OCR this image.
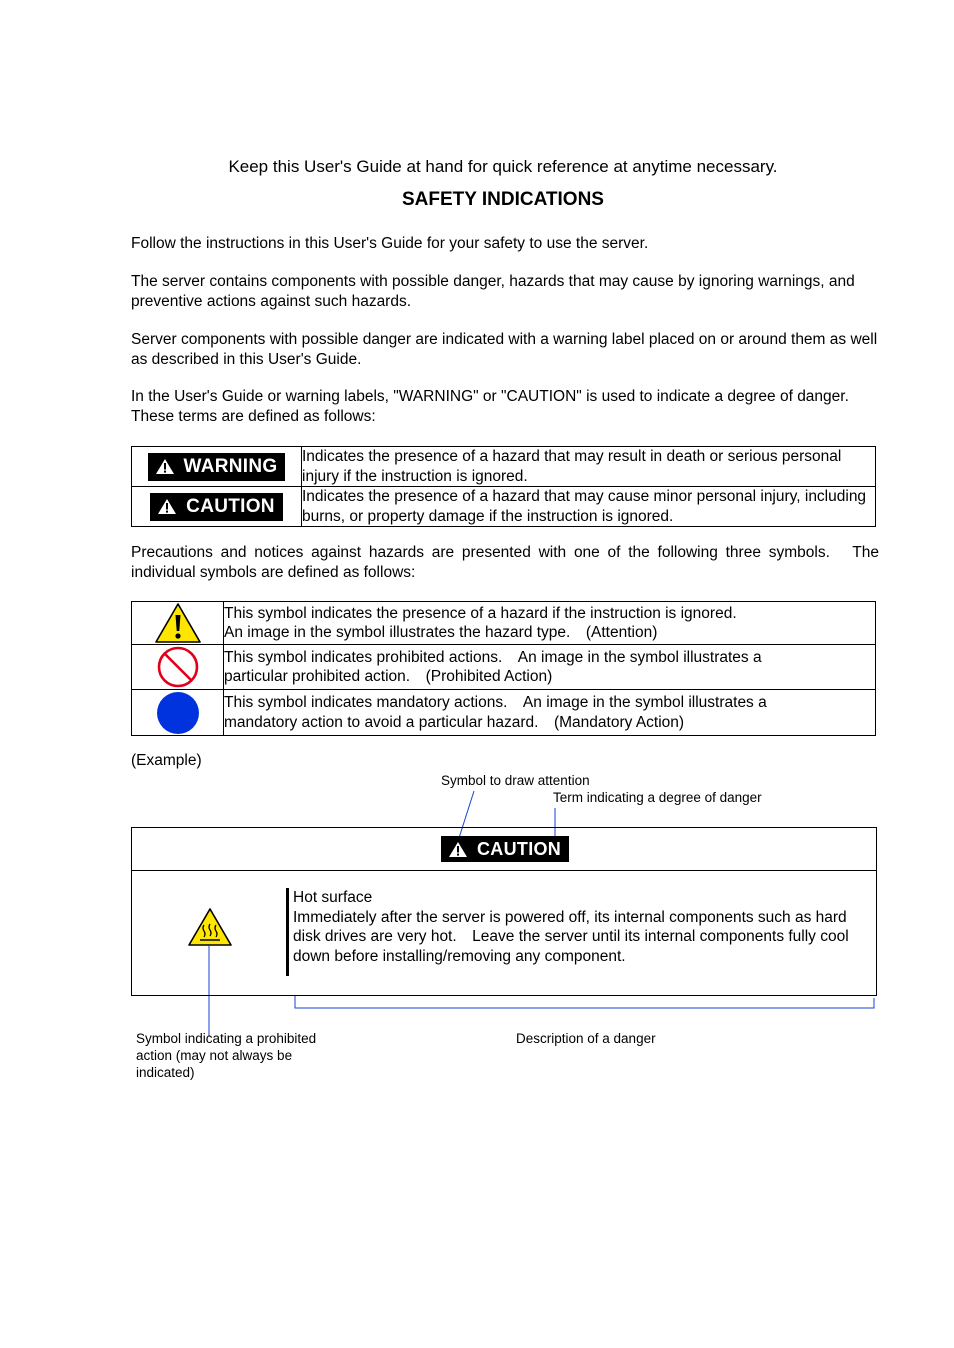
Keep this User's Guide at hand for quick reference at anytime necessary.
SAFETY INDICATIONS
Follow the instructions in this User's Guide for your safety to use the server.
The server contains components with possible danger, hazards that may cause by ignoring warnings, and preventive actions against such hazards.
Server components with possible danger are indicated with a warning label placed on or around them as well as described in this User's Guide.
In the User's Guide or warning labels, "WARNING" or "CAUTION" is used to indicate a degree of danger.　These terms are defined as follows:
WARNING	Indicates the presence of a hazard that may result in death or serious personal injury if the instruction is ignored.

CAUTION	Indicates the presence of a hazard that may cause minor personal injury, including burns, or property damage if the instruction is ignored.
Precautions and notices against hazards are presented with one of the following three symbols.　The individual symbols are defined as follows:

This symbol indicates the presence of a hazard if the instruction is ignored.
An image in the symbol illustrates the hazard type.　(Attention)

This symbol indicates prohibited actions.　An image in the symbol illustrates a
particular prohibited action.　(Prohibited Action)

This symbol indicates mandatory actions.　An image in the symbol illustrates a
mandatory action to avoid a particular hazard.　(Mandatory Action)
(Example)
Symbol to draw attention
Term indicating a degree of danger
CAUTION
Hot surface
Immediately after the server is powered off, its internal components such as hard disk drives are very hot.　Leave the server until its internal components fully cool down before installing/removing any component.
Symbol indicating a prohibited action (may not always be indicated)
Description of a danger
